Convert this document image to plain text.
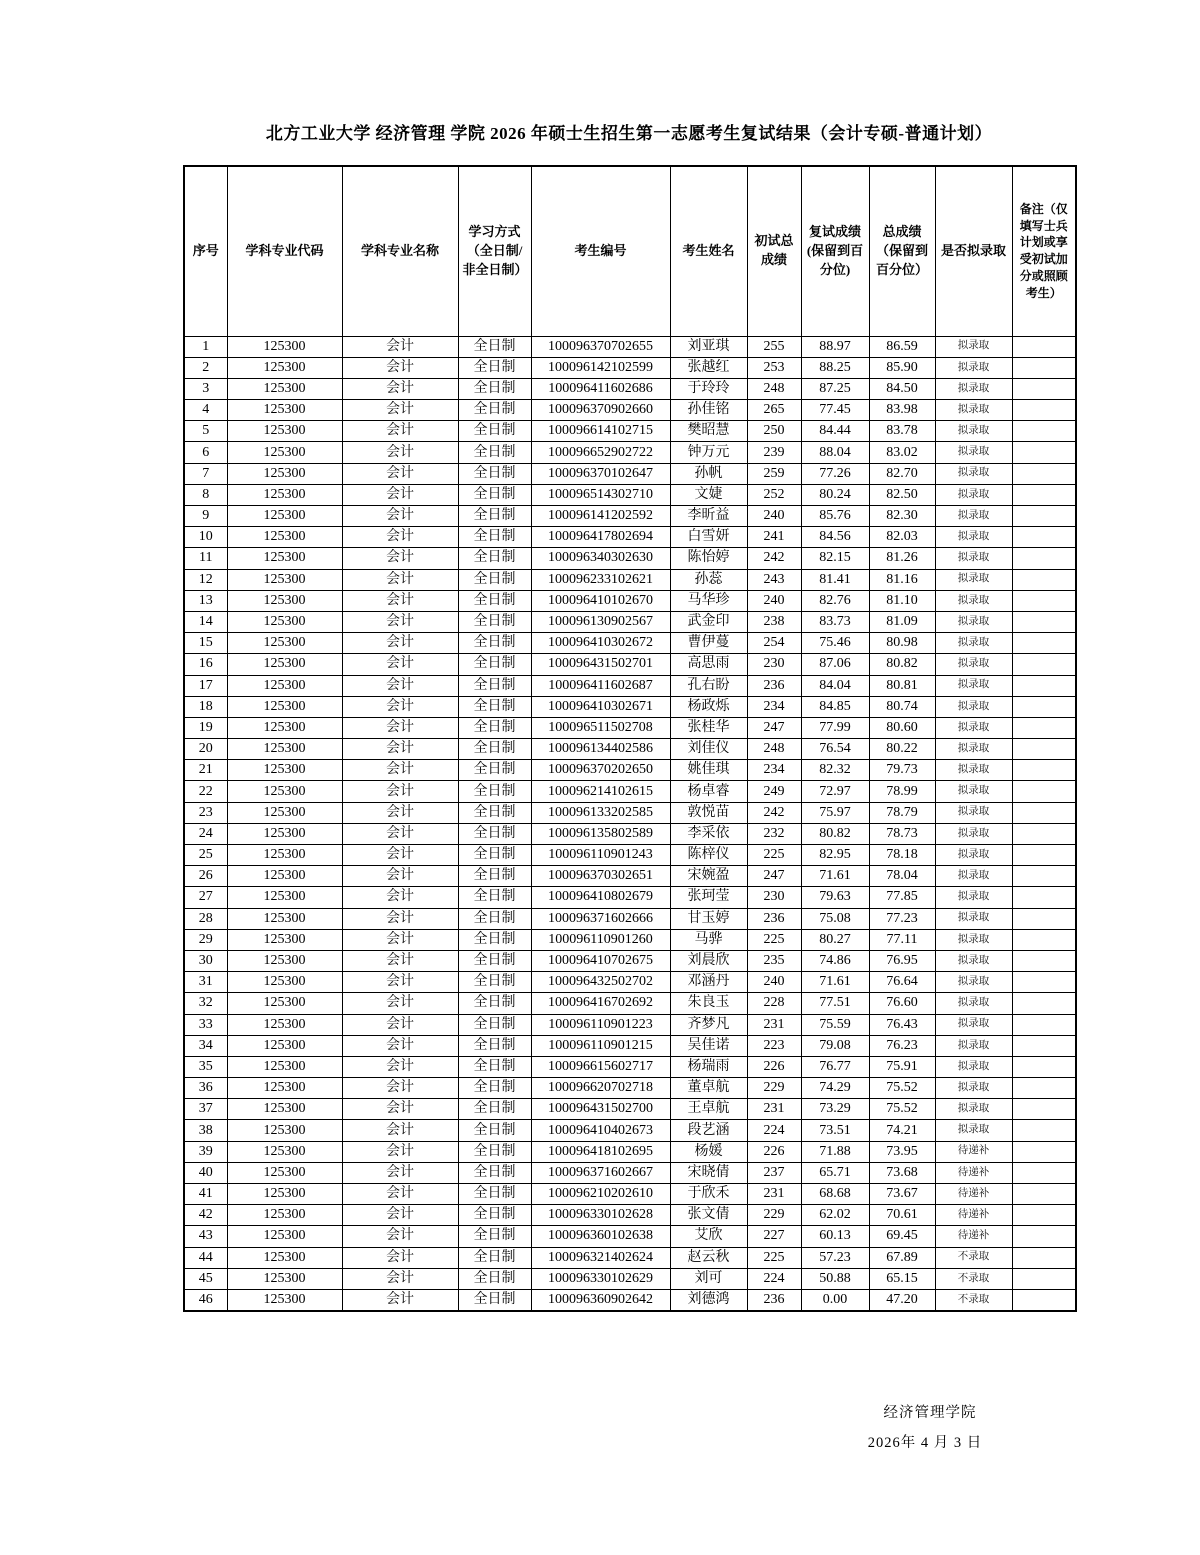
北方工业大学 经济管理 学院 2026 年硕士生招生第一志愿考生复试结果（会计专硕-普通计划）
序号	学科专业代码	学科专业名称	学习方式（全日制/非全日制）	考生编号	考生姓名	初试总成绩	复试成绩(保留到百分位)	总成绩（保留到百分位）	是否拟录取	备注（仅填写士兵计划或享受初试加分或照顾考生）
1	125300	会计	全日制	100096370702655	刘亚琪	255	88.97	86.59	拟录取	
2	125300	会计	全日制	100096142102599	张越红	253	88.25	85.90	拟录取	
3	125300	会计	全日制	100096411602686	于玲玲	248	87.25	84.50	拟录取	
4	125300	会计	全日制	100096370902660	孙佳铭	265	77.45	83.98	拟录取	
5	125300	会计	全日制	100096614102715	樊昭慧	250	84.44	83.78	拟录取	
6	125300	会计	全日制	100096652902722	钟万元	239	88.04	83.02	拟录取	
7	125300	会计	全日制	100096370102647	孙帆	259	77.26	82.70	拟录取	
8	125300	会计	全日制	100096514302710	文婕	252	80.24	82.50	拟录取	
9	125300	会计	全日制	100096141202592	李昕益	240	85.76	82.30	拟录取	
10	125300	会计	全日制	100096417802694	白雪妍	241	84.56	82.03	拟录取	
11	125300	会计	全日制	100096340302630	陈怡婷	242	82.15	81.26	拟录取	
12	125300	会计	全日制	100096233102621	孙蕊	243	81.41	81.16	拟录取	
13	125300	会计	全日制	100096410102670	马华珍	240	82.76	81.10	拟录取	
14	125300	会计	全日制	100096130902567	武金印	238	83.73	81.09	拟录取	
15	125300	会计	全日制	100096410302672	曹伊蔓	254	75.46	80.98	拟录取	
16	125300	会计	全日制	100096431502701	高思雨	230	87.06	80.82	拟录取	
17	125300	会计	全日制	100096411602687	孔右盼	236	84.04	80.81	拟录取	
18	125300	会计	全日制	100096410302671	杨政烁	234	84.85	80.74	拟录取	
19	125300	会计	全日制	100096511502708	张桂华	247	77.99	80.60	拟录取	
20	125300	会计	全日制	100096134402586	刘佳仪	248	76.54	80.22	拟录取	
21	125300	会计	全日制	100096370202650	姚佳琪	234	82.32	79.73	拟录取	
22	125300	会计	全日制	100096214102615	杨卓睿	249	72.97	78.99	拟录取	
23	125300	会计	全日制	100096133202585	敦悦苗	242	75.97	78.79	拟录取	
24	125300	会计	全日制	100096135802589	李采依	232	80.82	78.73	拟录取	
25	125300	会计	全日制	100096110901243	陈梓仪	225	82.95	78.18	拟录取	
26	125300	会计	全日制	100096370302651	宋婉盈	247	71.61	78.04	拟录取	
27	125300	会计	全日制	100096410802679	张珂莹	230	79.63	77.85	拟录取	
28	125300	会计	全日制	100096371602666	甘玉婷	236	75.08	77.23	拟录取	
29	125300	会计	全日制	100096110901260	马骅	225	80.27	77.11	拟录取	
30	125300	会计	全日制	100096410702675	刘晨欣	235	74.86	76.95	拟录取	
31	125300	会计	全日制	100096432502702	邓涵丹	240	71.61	76.64	拟录取	
32	125300	会计	全日制	100096416702692	朱良玉	228	77.51	76.60	拟录取	
33	125300	会计	全日制	100096110901223	齐梦凡	231	75.59	76.43	拟录取	
34	125300	会计	全日制	100096110901215	吴佳诺	223	79.08	76.23	拟录取	
35	125300	会计	全日制	100096615602717	杨瑞雨	226	76.77	75.91	拟录取	
36	125300	会计	全日制	100096620702718	董卓航	229	74.29	75.52	拟录取	
37	125300	会计	全日制	100096431502700	王卓航	231	73.29	75.52	拟录取	
38	125300	会计	全日制	100096410402673	段艺涵	224	73.51	74.21	拟录取	
39	125300	会计	全日制	100096418102695	杨媛	226	71.88	73.95	待递补	
40	125300	会计	全日制	100096371602667	宋晓倩	237	65.71	73.68	待递补	
41	125300	会计	全日制	100096210202610	于欣禾	231	68.68	73.67	待递补	
42	125300	会计	全日制	100096330102628	张文倩	229	62.02	70.61	待递补	
43	125300	会计	全日制	100096360102638	艾欣	227	60.13	69.45	待递补	
44	125300	会计	全日制	100096321402624	赵云秋	225	57.23	67.89	不录取	
45	125300	会计	全日制	100096330102629	刘可	224	50.88	65.15	不录取	
46	125300	会计	全日制	100096360902642	刘德鸿	236	0.00	47.20	不录取	
经济管理学院
2026年 4 月 3 日
